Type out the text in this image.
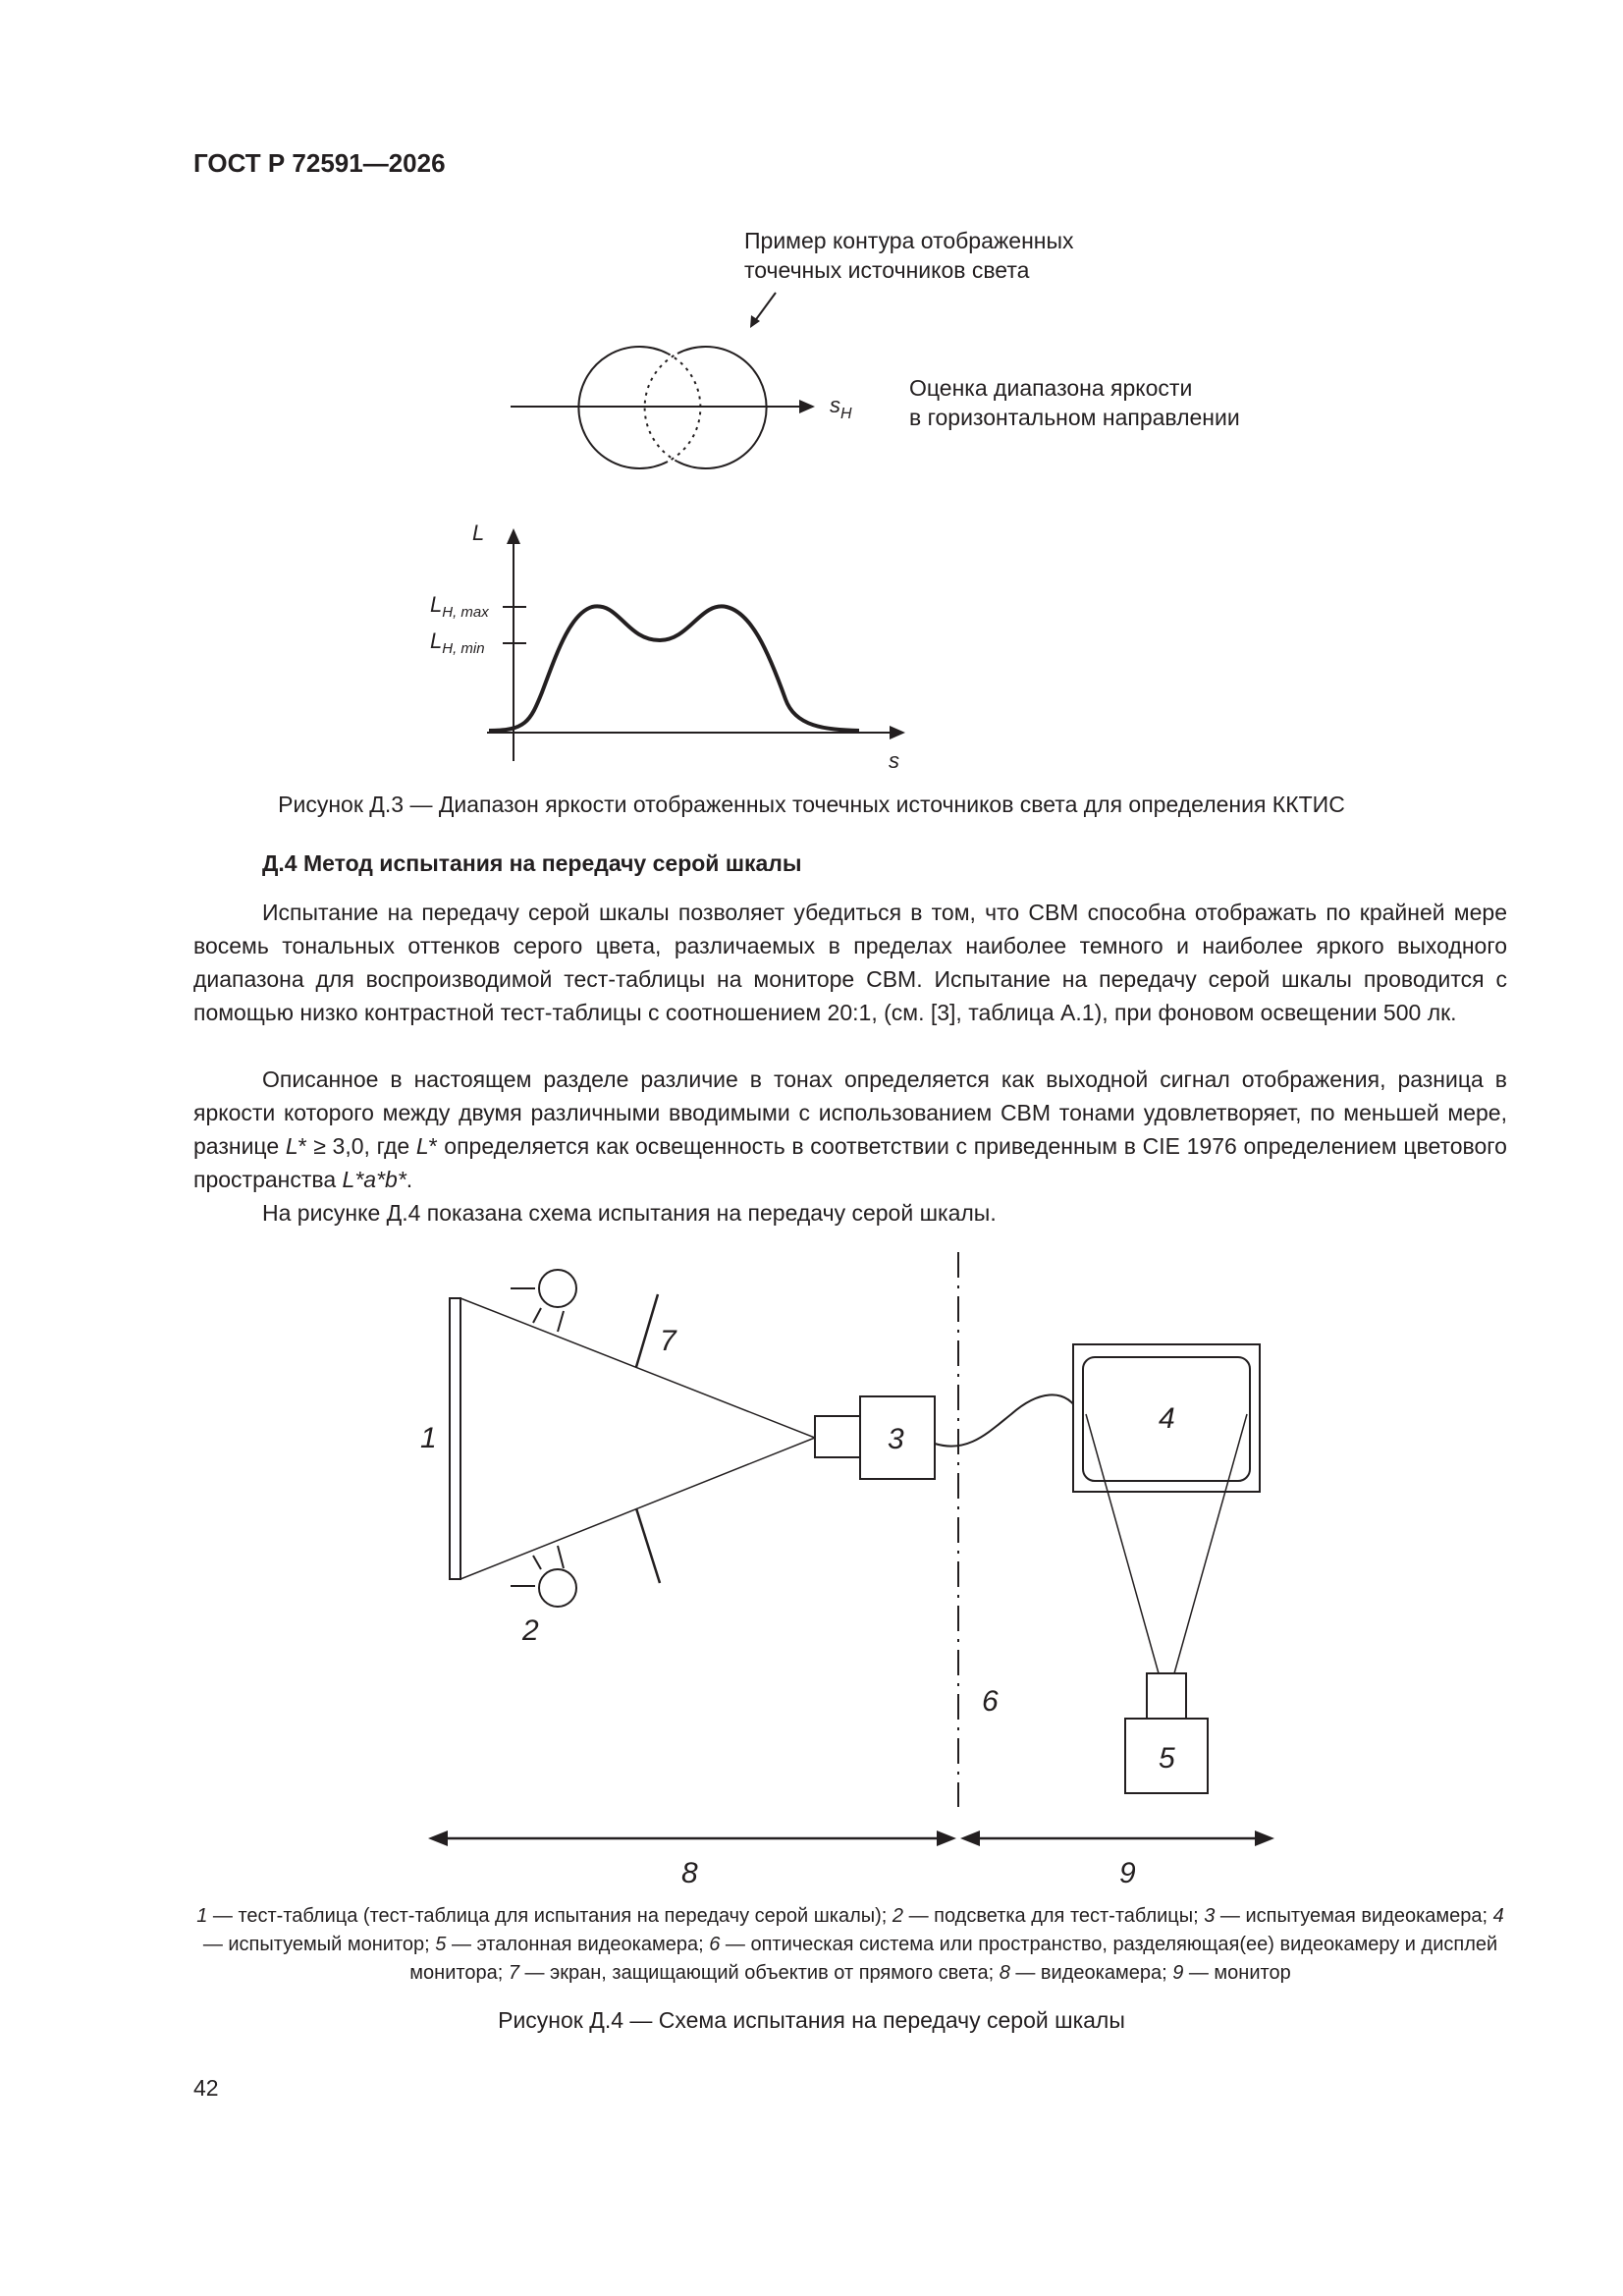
ГОСТ Р 72591—2026
Пример контура отображенных
точечных источников света
Оценка диапазона яркости
в горизонтальном направлении
$s_H$
L
s
$L_{H, max}$
$L_{H, min}$
Рисунок Д.3 — Диапазон яркости отображенных точечных источников света для определения ККТИС
Д.4 Метод испытания на передачу серой шкалы

Испытание на передачу серой шкалы позволяет убедиться в том, что СВМ способна отображать по крайней мере восемь тональных оттенков серого цвета, различаемых в пределах наиболее темного и наиболее яркого выходного диапазона для воспроизводимой тест-таблицы на мониторе СВМ. Испытание на передачу серой шкалы проводится с помощью низко контрастной тест-таблицы с соотношением 20:1, (см. [3], таблица А.1), при фоновом освещении 500 лк.

Описанное в настоящем разделе различие в тонах определяется как выходной сигнал отображения, разница в яркости которого между двумя различными вводимыми с использованием СВМ тонами удовлетворяет, по меньшей мере, разнице L* ≥ 3,0, где L* определяется как освещенность в соответствии с приведенным в CIE 1976 определением цветового пространства L*a*b*.

На рисунке Д.4 показана схема испытания на передачу серой шкалы.

1
2
3
4
5
6
7
8	9
1 — тест-таблица (тест-таблица для испытания на передачу серой шкалы); 2 — подсветка для тест-таблицы; 3 — испытуемая видеокамера; 4 — испытуемый монитор; 5 — эталонная видеокамера; 6 — оптическая система или пространство, разделяющая(ее) видеокамеру и дисплей монитора; 7 — экран, защищающий объектив от прямого света; 8 — видеокамера; 9 — монитор
Рисунок Д.4 — Схема испытания на передачу серой шкалы
42
